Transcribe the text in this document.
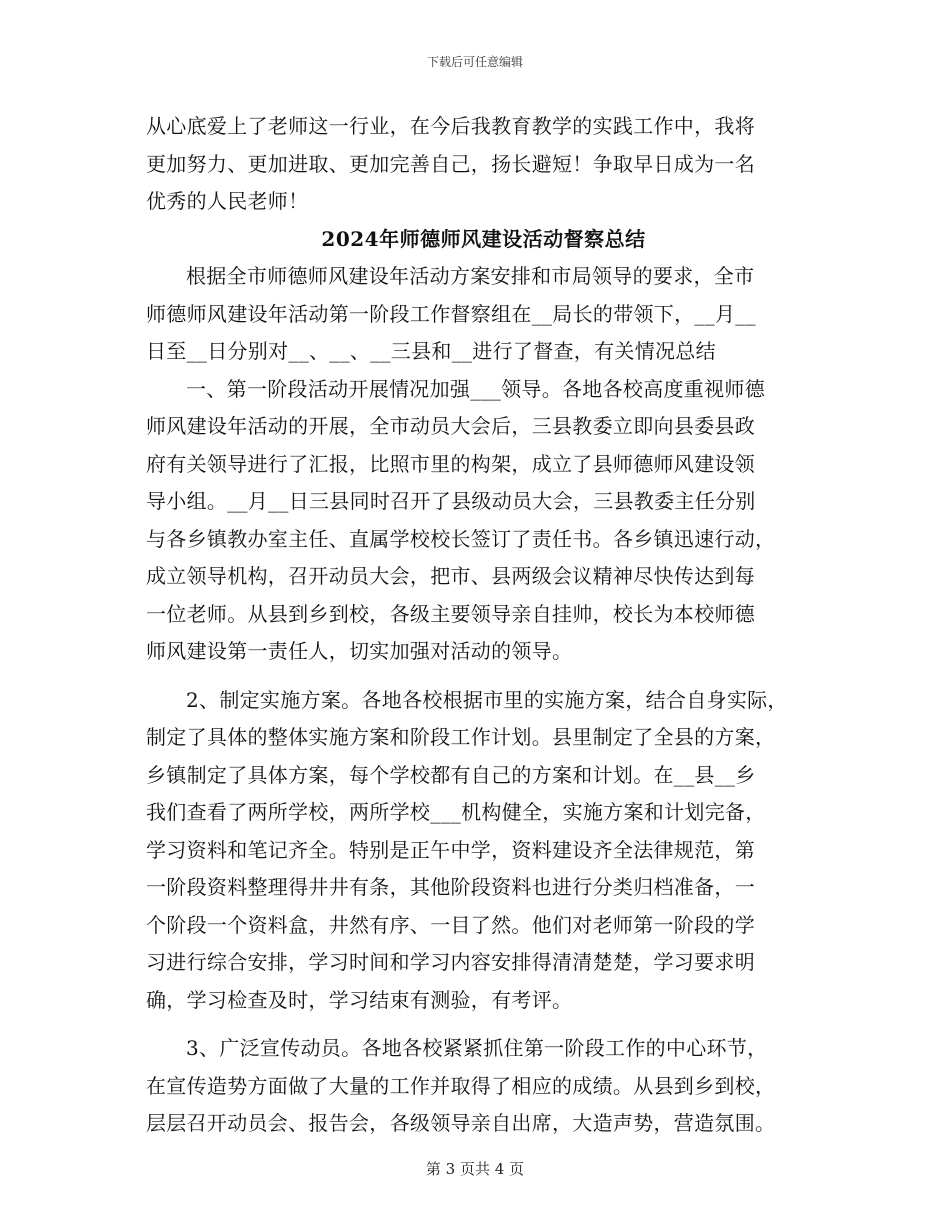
下载后可任意编辑
从心底爱上了老师这一行业，在今后我教育教学的实践工作中，我将
更加努力、更加进取、更加完善自己，扬长避短！争取早日成为一名
优秀的人民老师！
2024年师德师风建设活动督察总结
根据全市师德师风建设年活动方案安排和市局领导的要求，全市
师德师风建设年活动第一阶段工作督察组在__局长的带领下，__月__
日至__日分别对__、__、__三县和__进行了督查，有关情况总结
一、第一阶段活动开展情况加强___领导。各地各校高度重视师德
师风建设年活动的开展，全市动员大会后，三县教委立即向县委县政
府有关领导进行了汇报，比照市里的构架，成立了县师德师风建设领
导小组。__月__日三县同时召开了县级动员大会，三县教委主任分别
与各乡镇教办室主任、直属学校校长签订了责任书。各乡镇迅速行动，
成立领导机构，召开动员大会，把市、县两级会议精神尽快传达到每
一位老师。从县到乡到校，各级主要领导亲自挂帅，校长为本校师德
师风建设第一责任人，切实加强对活动的领导。
2、制定实施方案。各地各校根据市里的实施方案，结合自身实际，
制定了具体的整体实施方案和阶段工作计划。县里制定了全县的方案，
乡镇制定了具体方案，每个学校都有自己的方案和计划。在__县__乡
我们查看了两所学校，两所学校___机构健全，实施方案和计划完备，
学习资料和笔记齐全。特别是正午中学，资料建设齐全法律规范，第
一阶段资料整理得井井有条，其他阶段资料也进行分类归档准备，一
个阶段一个资料盒，井然有序、一目了然。他们对老师第一阶段的学
习进行综合安排，学习时间和学习内容安排得清清楚楚，学习要求明
确，学习检查及时，学习结束有测验，有考评。
3、广泛宣传动员。各地各校紧紧抓住第一阶段工作的中心环节，
在宣传造势方面做了大量的工作并取得了相应的成绩。从县到乡到校，
层层召开动员会、报告会，各级领导亲自出席，大造声势，营造氛围。
第 3 页共 4 页
